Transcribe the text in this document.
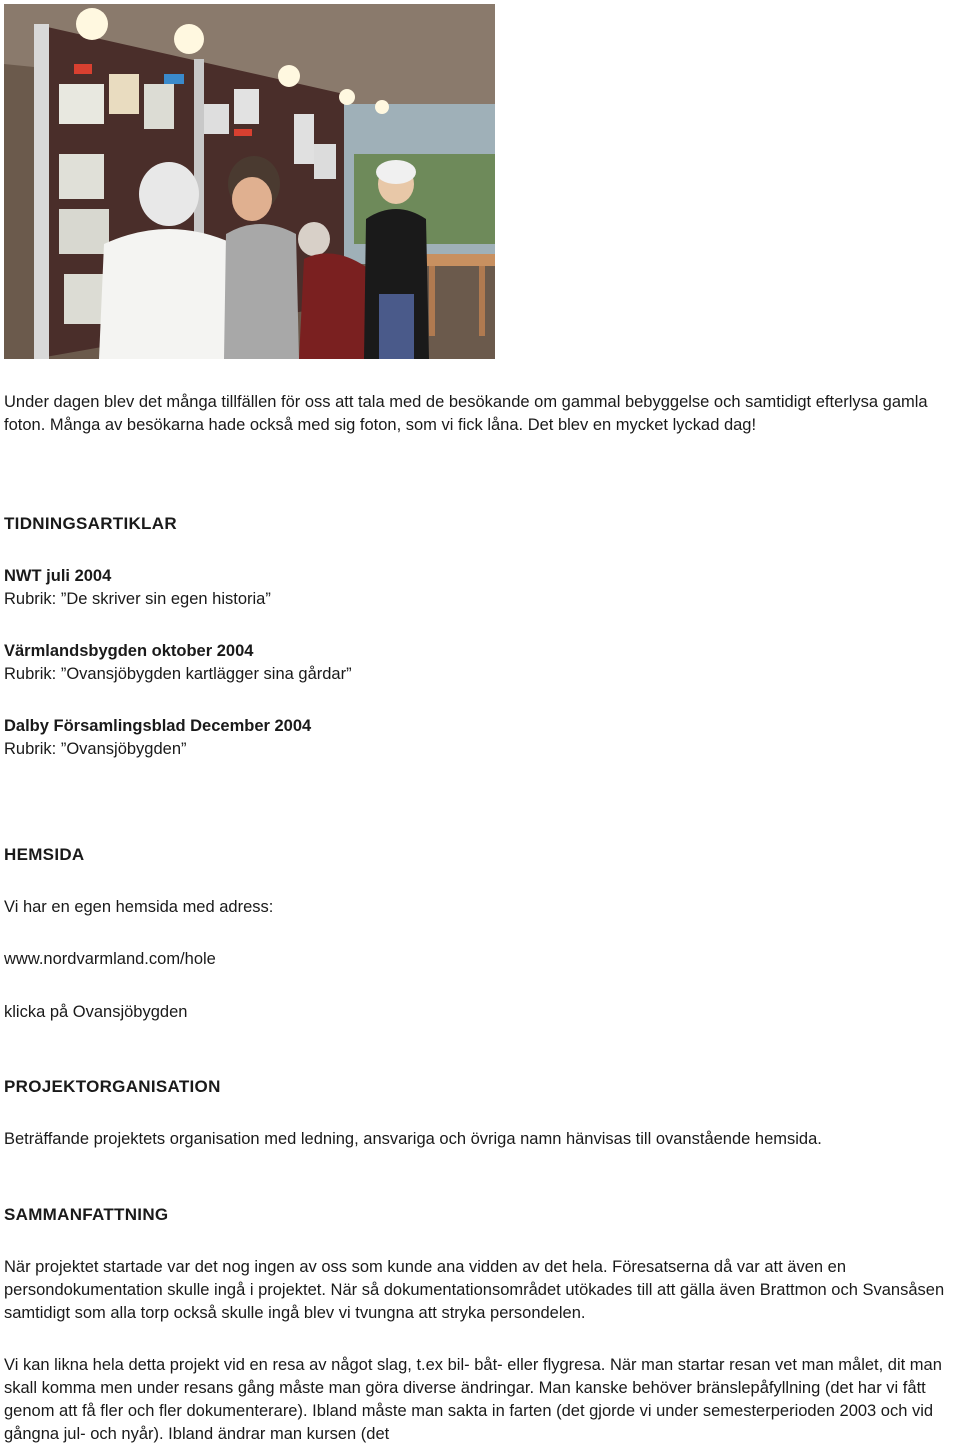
Under dagen blev det många tillfällen för oss att tala med de besökande om gammal bebyggelse och samtidigt efterlysa gamla foton. Många av besökarna hade också med sig foton, som vi fick låna. Det blev en mycket lyckad dag!

TIDNINGSARTIKLAR

NWT juli 2004

Rubrik: ”De skriver sin egen historia”

Värmlandsbygden oktober 2004

Rubrik: ”Ovansjöbygden kartlägger sina gårdar”

Dalby Församlingsblad December 2004

Rubrik: ”Ovansjöbygden”

HEMSIDA

Vi har en egen hemsida med adress:

www.nordvarmland.com/hole

klicka på Ovansjöbygden

PROJEKTORGANISATION

Beträffande projektets organisation med ledning, ansvariga och övriga namn hänvisas till ovanstående hemsida.

SAMMANFATTNING

När projektet startade var det nog ingen av oss som kunde ana vidden av det hela. Föresatserna då var att även en persondokumentation skulle ingå i projektet. När så dokumentationsområdet utökades till att gälla även Brattmon och Svansåsen samtidigt som alla torp också skulle ingå blev vi tvungna att stryka persondelen.

Vi kan likna hela detta projekt vid en resa av något slag, t.ex bil- båt- eller flygresa. När man startar resan vet man målet, dit man skall komma men under resans gång måste man göra diverse ändringar. Man kanske behöver bränslepåfyllning (det har vi fått genom att få fler och fler dokumenterare). Ibland måste man sakta in farten (det gjorde vi under semesterperioden 2003 och vid gångna jul- och nyår). Ibland ändrar man kursen (det
